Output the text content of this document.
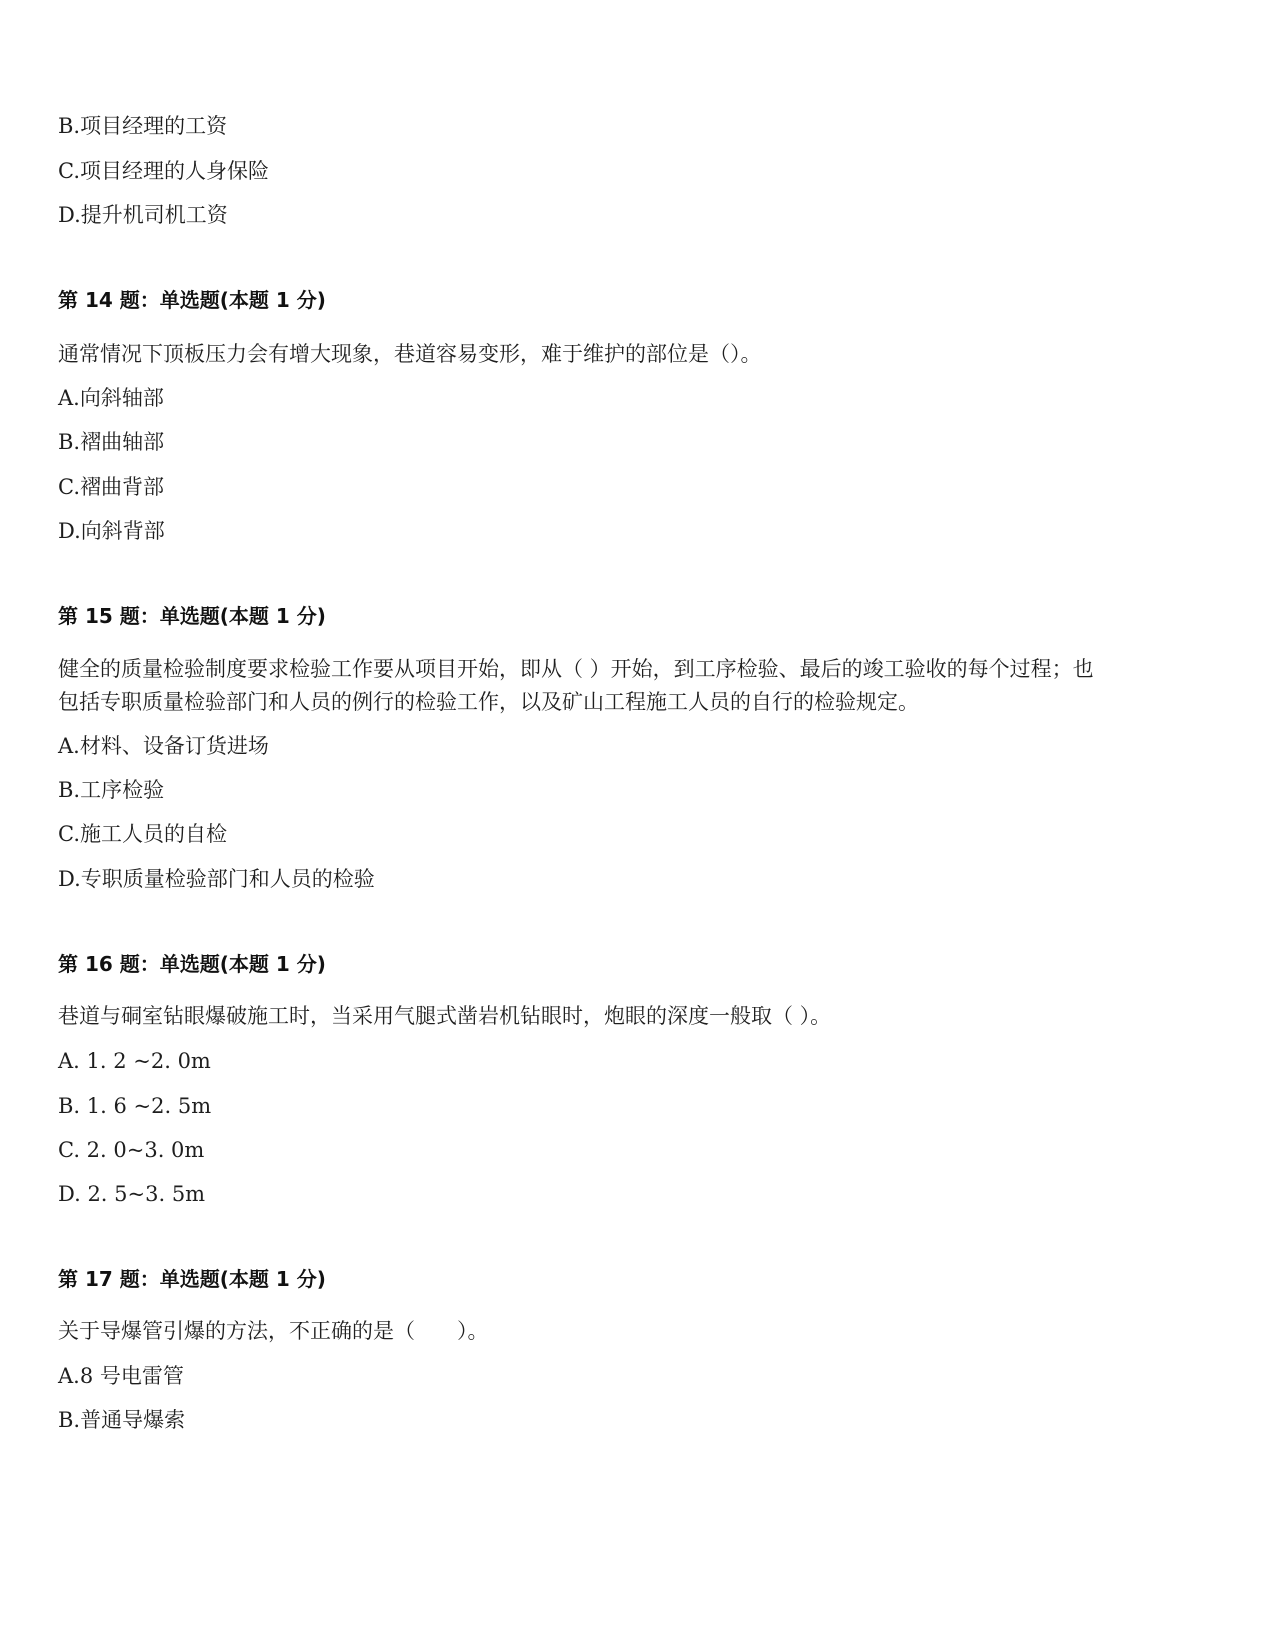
B.项目经理的工资

C.项目经理的人身保险

D.提升机司机工资

第 14 题：单选题(本题 1 分)

通常情况下顶板压力会有增大现象，巷道容易变形，难于维护的部位是（）。

A.向斜轴部

B.褶曲轴部

C.褶曲背部

D.向斜背部

第 15 题：单选题(本题 1 分)

健全的质量检验制度要求检验工作要从项目开始，即从（ ）开始，到工序检验、最后的竣工验收的每个过程；也

包括专职质量检验部门和人员的例行的检验工作，以及矿山工程施工人员的自行的检验规定。

A.材料、设备订货进场

B.工序检验

C.施工人员的自检

D.专职质量检验部门和人员的检验

第 16 题：单选题(本题 1 分)

巷道与硐室钻眼爆破施工时，当采用气腿式凿岩机钻眼时，炮眼的深度一般取（ ）。

A. 1. 2 ~2. 0m

B. 1. 6 ~2. 5m

C. 2. 0~3. 0m

D. 2. 5~3. 5m

第 17 题：单选题(本题 1 分)

关于导爆管引爆的方法，不正确的是（　　）。

A.8 号电雷管

B.普通导爆索
